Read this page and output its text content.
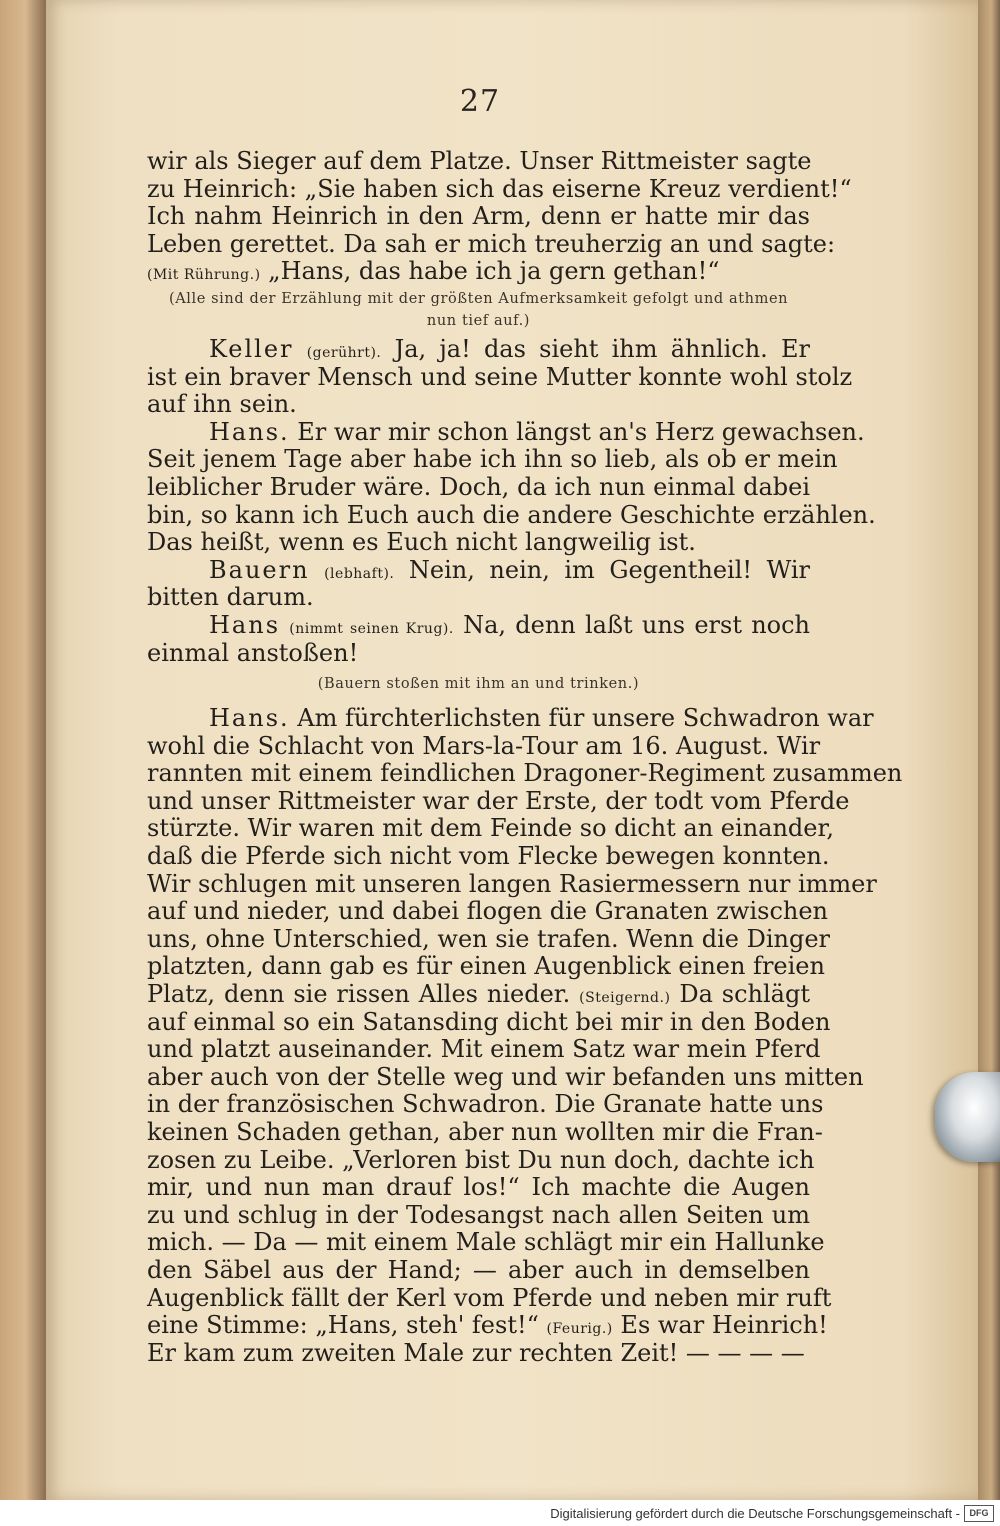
27
wir als Sieger auf dem Platze. Unser Rittmeister sagte
zu Heinrich: „Sie haben sich das eiserne Kreuz verdient!“
Ich nahm Heinrich in den Arm, denn er hatte mir das
Leben gerettet. Da sah er mich treuherzig an und sagte:
(Mit Rührung.) „Hans, das habe ich ja gern gethan!“
(Alle sind der Erzählung mit der größten Aufmerksamkeit gefolgt und athmen
nun tief auf.)
Keller (gerührt). Ja, ja! das sieht ihm ähnlich. Er
ist ein braver Mensch und seine Mutter konnte wohl stolz
auf ihn sein.
Hans. Er war mir schon längst an's Herz gewachsen.
Seit jenem Tage aber habe ich ihn so lieb, als ob er mein
leiblicher Bruder wäre. Doch, da ich nun einmal dabei
bin, so kann ich Euch auch die andere Geschichte erzählen.
Das heißt, wenn es Euch nicht langweilig ist.
Bauern (lebhaft). Nein, nein, im Gegentheil! Wir
bitten darum.
Hans (nimmt seinen Krug). Na, denn laßt uns erst noch
einmal anstoßen!
(Bauern stoßen mit ihm an und trinken.)
Hans. Am fürchterlichsten für unsere Schwadron war
wohl die Schlacht von Mars-la-Tour am 16. August. Wir
rannten mit einem feindlichen Dragoner-Regiment zusammen
und unser Rittmeister war der Erste, der todt vom Pferde
stürzte. Wir waren mit dem Feinde so dicht an einander,
daß die Pferde sich nicht vom Flecke bewegen konnten.
Wir schlugen mit unseren langen Rasiermessern nur immer
auf und nieder, und dabei flogen die Granaten zwischen
uns, ohne Unterschied, wen sie trafen. Wenn die Dinger
platzten, dann gab es für einen Augenblick einen freien
Platz, denn sie rissen Alles nieder. (Steigernd.) Da schlägt
auf einmal so ein Satansding dicht bei mir in den Boden
und platzt auseinander. Mit einem Satz war mein Pferd
aber auch von der Stelle weg und wir befanden uns mitten
in der französischen Schwadron. Die Granate hatte uns
keinen Schaden gethan, aber nun wollten mir die Fran-
zosen zu Leibe. „Verloren bist Du nun doch, dachte ich
mir, und nun man drauf los!“ Ich machte die Augen
zu und schlug in der Todesangst nach allen Seiten um
mich. — Da — mit einem Male schlägt mir ein Hallunke
den Säbel aus der Hand; — aber auch in demselben
Augenblick fällt der Kerl vom Pferde und neben mir ruft
eine Stimme: „Hans, steh' fest!“ (Feurig.) Es war Heinrich!
Er kam zum zweiten Male zur rechten Zeit! — — — —
Digitalisierung gefördert durch die Deutsche Forschungsgemeinschaft -	DFG
